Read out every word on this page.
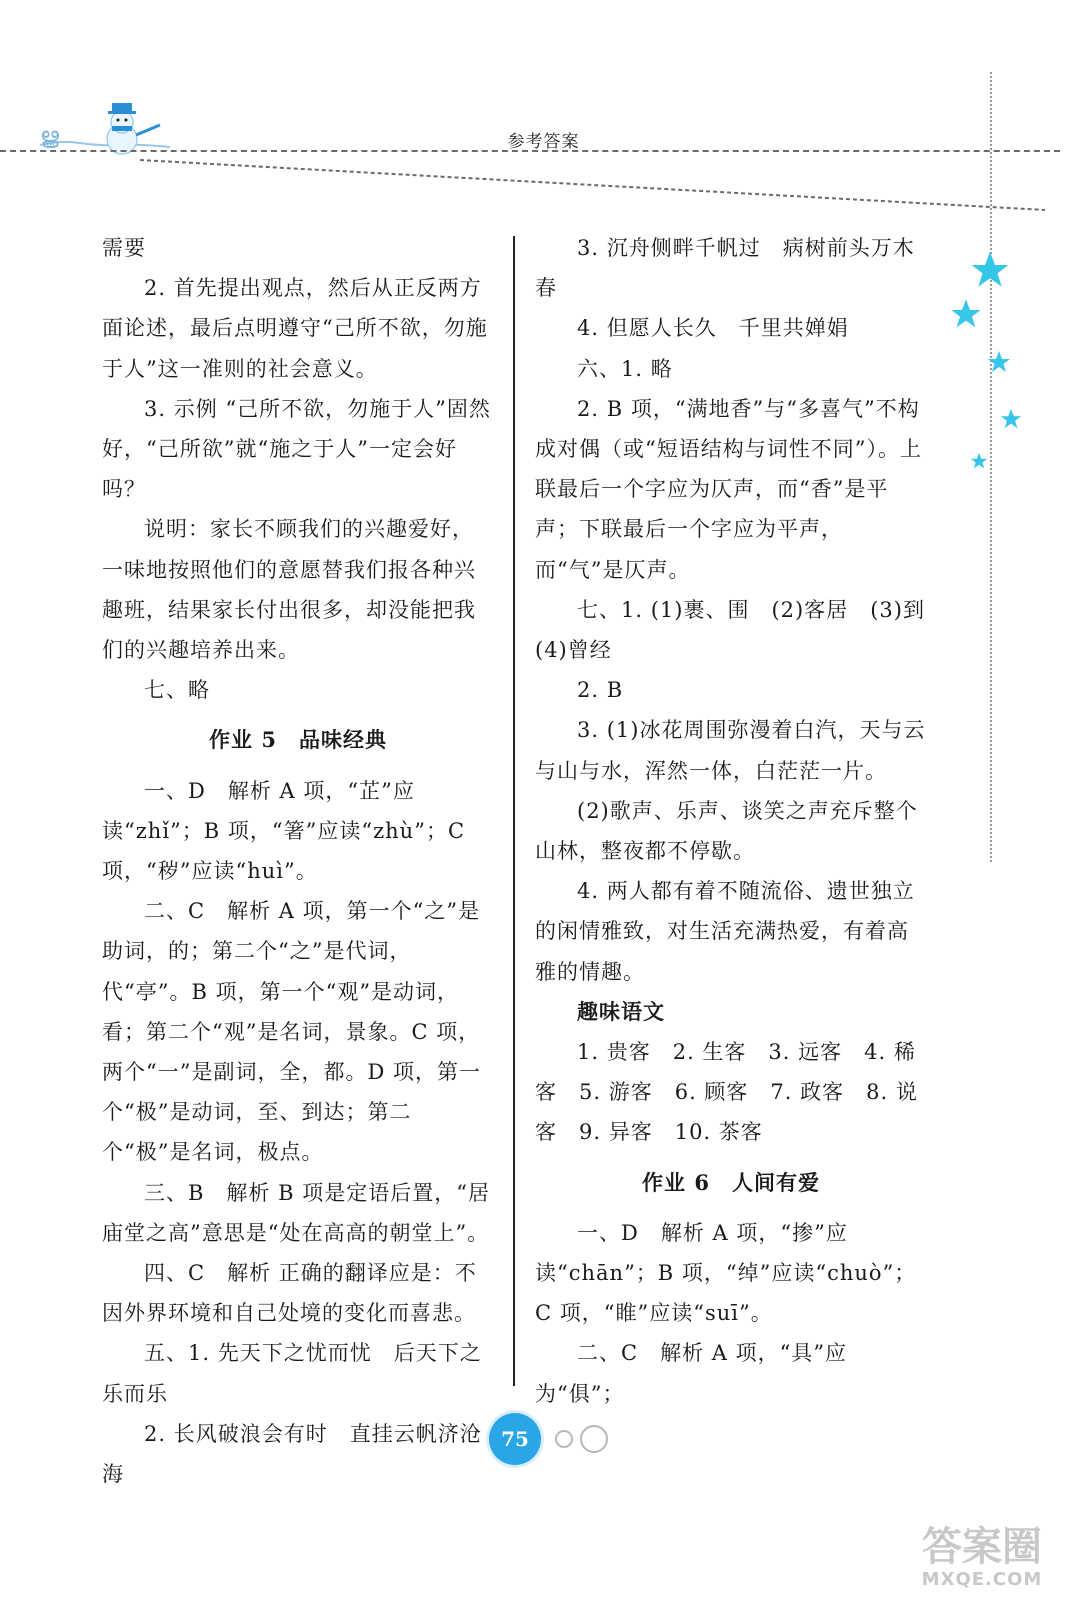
ൠ	参考答案

需要

2. 首先提出观点，然后从正反两方面论述，最后点明遵守“己所不欲，勿施于人”这一准则的社会意义。

3. 示例 “己所不欲，勿施于人”固然好，“己所欲”就“施之于人”一定会好吗？

说明：家长不顾我们的兴趣爱好，一味地按照他们的意愿替我们报各种兴趣班，结果家长付出很多，却没能把我们的兴趣培养出来。

七、略

作业 5　品味经典

一、D　解析 A 项，“芷”应读“zhǐ”；B 项，“箸”应读“zhù”；C 项，“秽”应读“huì”。

二、C　解析 A 项，第一个“之”是助词，的；第二个“之”是代词，代“亭”。B 项，第一个“观”是动词，看；第二个“观”是名词，景象。C 项，两个“一”是副词，全，都。D 项，第一个“极”是动词，至、到达；第二个“极”是名词，极点。

三、B　解析 B 项是定语后置，“居庙堂之高”意思是“处在高高的朝堂上”。

四、C　解析 正确的翻译应是：不因外界环境和自己处境的变化而喜悲。

五、1. 先天下之忧而忧　后天下之乐而乐

2. 长风破浪会有时　直挂云帆济沧海

3. 沉舟侧畔千帆过　病树前头万木春

4. 但愿人长久　千里共婵娟

六、1. 略

2. B 项，“满地香”与“多喜气”不构成对偶（或“短语结构与词性不同”）。上联最后一个字应为仄声，而“香”是平声；下联最后一个字应为平声，而“气”是仄声。

七、1. (1)裹、围　(2)客居　(3)到　(4)曾经

2. B

3. (1)冰花周围弥漫着白汽，天与云与山与水，浑然一体，白茫茫一片。

(2)歌声、乐声、谈笑之声充斥整个山林，整夜都不停歇。

4. 两人都有着不随流俗、遗世独立的闲情雅致，对生活充满热爱，有着高雅的情趣。

趣味语文

1. 贵客　2. 生客　3. 远客　4. 稀客　5. 游客　6. 顾客　7. 政客　8. 说客　9. 异客　10. 茶客

作业 6　人间有爱

一、D　解析 A 项，“掺”应读“chān”；B 项，“绰”应读“chuò”；C 项，“睢”应读“suī”。

二、C　解析 A 项，“具”应为“俱”；

75
答案圈
MXQE.COM
